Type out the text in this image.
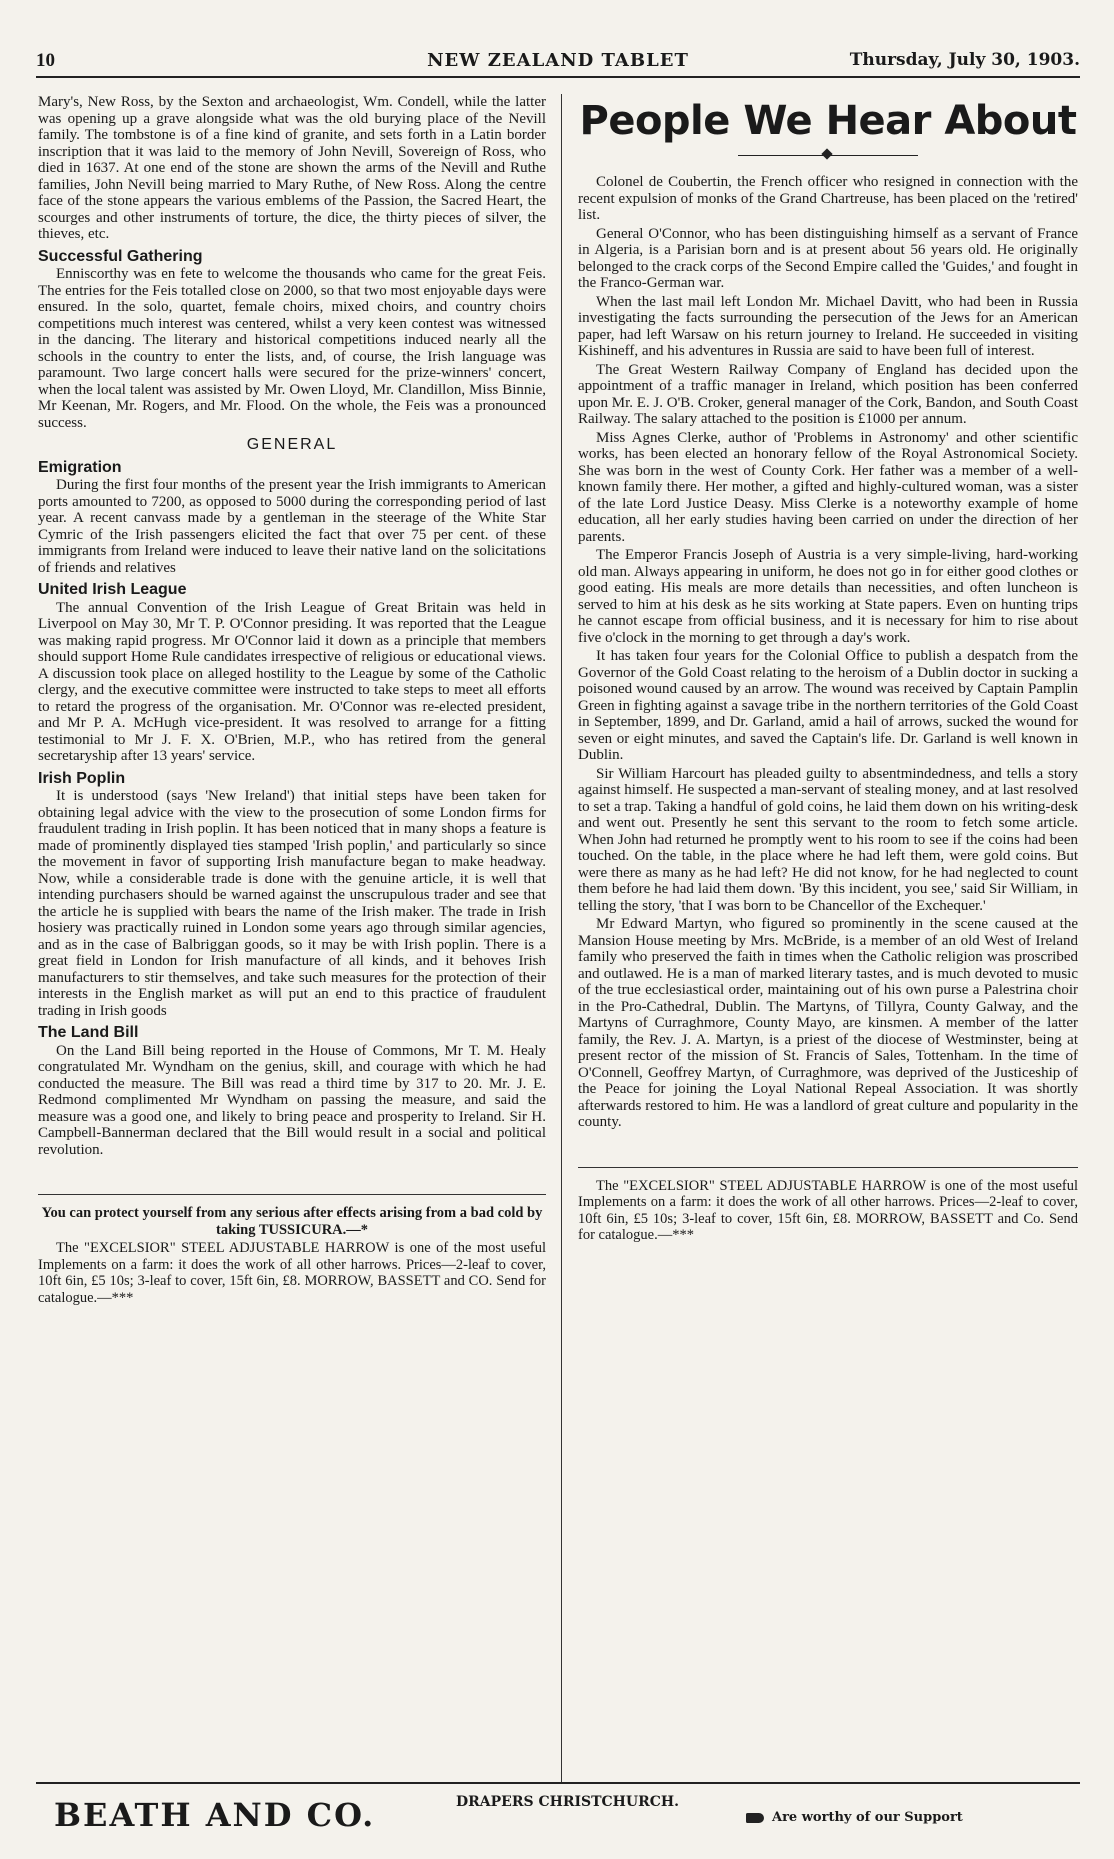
10	NEW ZEALAND TABLET	Thursday, July 30, 1903.

Mary's, New Ross, by the Sexton and archaeologist, Wm. Condell, while the latter was opening up a grave alongside what was the old burying place of the Nevill family. The tombstone is of a fine kind of granite, and sets forth in a Latin border inscription that it was laid to the memory of John Nevill, Sovereign of Ross, who died in 1637. At one end of the stone are shown the arms of the Nevill and Ruthe families, John Nevill being married to Mary Ruthe, of New Ross. Along the centre face of the stone appears the various emblems of the Passion, the Sacred Heart, the scourges and other instruments of torture, the dice, the thirty pieces of silver, the thieves, etc.

Successful Gathering

Enniscorthy was en fete to welcome the thousands who came for the great Feis. The entries for the Feis totalled close on 2000, so that two most enjoyable days were ensured. In the solo, quartet, female choirs, mixed choirs, and country choirs competitions much interest was centered, whilst a very keen contest was witnessed in the dancing. The literary and historical competitions induced nearly all the schools in the country to enter the lists, and, of course, the Irish language was paramount. Two large concert halls were secured for the prize-winners' concert, when the local talent was assisted by Mr. Owen Lloyd, Mr. Clandillon, Miss Binnie, Mr Keenan, Mr. Rogers, and Mr. Flood. On the whole, the Feis was a pronounced success.

GENERAL
Emigration

During the first four months of the present year the Irish immigrants to American ports amounted to 7200, as opposed to 5000 during the corresponding period of last year. A recent canvass made by a gentleman in the steerage of the White Star Cymric of the Irish passengers elicited the fact that over 75 per cent. of these immigrants from Ireland were induced to leave their native land on the solicitations of friends and relatives

United Irish League

The annual Convention of the Irish League of Great Britain was held in Liverpool on May 30, Mr T. P. O'Connor presiding. It was reported that the League was making rapid progress. Mr O'Connor laid it down as a principle that members should support Home Rule candidates irrespective of religious or educational views. A discussion took place on alleged hostility to the League by some of the Catholic clergy, and the executive committee were instructed to take steps to meet all efforts to retard the progress of the organisation. Mr. O'Connor was re-elected president, and Mr P. A. McHugh vice-president. It was resolved to arrange for a fitting testimonial to Mr J. F. X. O'Brien, M.P., who has retired from the general secretaryship after 13 years' service.

Irish Poplin

It is understood (says 'New Ireland') that initial steps have been taken for obtaining legal advice with the view to the prosecution of some London firms for fraudulent trading in Irish poplin. It has been noticed that in many shops a feature is made of prominently displayed ties stamped 'Irish poplin,' and particularly so since the movement in favor of supporting Irish manufacture began to make headway. Now, while a considerable trade is done with the genuine article, it is well that intending purchasers should be warned against the unscrupulous trader and see that the article he is supplied with bears the name of the Irish maker. The trade in Irish hosiery was practically ruined in London some years ago through similar agencies, and as in the case of Balbriggan goods, so it may be with Irish poplin. There is a great field in London for Irish manufacture of all kinds, and it behoves Irish manufacturers to stir themselves, and take such measures for the protection of their interests in the English market as will put an end to this practice of fraudulent trading in Irish goods

The Land Bill

On the Land Bill being reported in the House of Commons, Mr T. M. Healy congratulated Mr. Wyndham on the genius, skill, and courage with which he had conducted the measure. The Bill was read a third time by 317 to 20. Mr. J. E. Redmond complimented Mr Wyndham on passing the measure, and said the measure was a good one, and likely to bring peace and prosperity to Ireland. Sir H. Campbell-Bannerman declared that the Bill would result in a social and political revolution.

You can protect yourself from any serious after effects arising from a bad cold by taking TUSSICURA.—*

The "EXCELSIOR" STEEL ADJUSTABLE HARROW is one of the most useful Implements on a farm: it does the work of all other harrows. Prices—2-leaf to cover, 10ft 6in, £5 10s; 3-leaf to cover, 15ft 6in, £8. MORROW, BASSETT and CO. Send for catalogue.—***

People We Hear About

Colonel de Coubertin, the French officer who resigned in connection with the recent expulsion of monks of the Grand Chartreuse, has been placed on the 'retired' list.

General O'Connor, who has been distinguishing himself as a servant of France in Algeria, is a Parisian born and is at present about 56 years old. He originally belonged to the crack corps of the Second Empire called the 'Guides,' and fought in the Franco-German war.

When the last mail left London Mr. Michael Davitt, who had been in Russia investigating the facts surrounding the persecution of the Jews for an American paper, had left Warsaw on his return journey to Ireland. He succeeded in visiting Kishineff, and his adventures in Russia are said to have been full of interest.

The Great Western Railway Company of England has decided upon the appointment of a traffic manager in Ireland, which position has been conferred upon Mr. E. J. O'B. Croker, general manager of the Cork, Bandon, and South Coast Railway. The salary attached to the position is £1000 per annum.

Miss Agnes Clerke, author of 'Problems in Astronomy' and other scientific works, has been elected an honorary fellow of the Royal Astronomical Society. She was born in the west of County Cork. Her father was a member of a well-known family there. Her mother, a gifted and highly-cultured woman, was a sister of the late Lord Justice Deasy. Miss Clerke is a noteworthy example of home education, all her early studies having been carried on under the direction of her parents.

The Emperor Francis Joseph of Austria is a very simple-living, hard-working old man. Always appearing in uniform, he does not go in for either good clothes or good eating. His meals are more details than necessities, and often luncheon is served to him at his desk as he sits working at State papers. Even on hunting trips he cannot escape from official business, and it is necessary for him to rise about five o'clock in the morning to get through a day's work.

It has taken four years for the Colonial Office to publish a despatch from the Governor of the Gold Coast relating to the heroism of a Dublin doctor in sucking a poisoned wound caused by an arrow. The wound was received by Captain Pamplin Green in fighting against a savage tribe in the northern territories of the Gold Coast in September, 1899, and Dr. Garland, amid a hail of arrows, sucked the wound for seven or eight minutes, and saved the Captain's life. Dr. Garland is well known in Dublin.

Sir William Harcourt has pleaded guilty to absentmindedness, and tells a story against himself. He suspected a man-servant of stealing money, and at last resolved to set a trap. Taking a handful of gold coins, he laid them down on his writing-desk and went out. Presently he sent this servant to the room to fetch some article. When John had returned he promptly went to his room to see if the coins had been touched. On the table, in the place where he had left them, were gold coins. But were there as many as he had left? He did not know, for he had neglected to count them before he had laid them down. 'By this incident, you see,' said Sir William, in telling the story, 'that I was born to be Chancellor of the Exchequer.'

Mr Edward Martyn, who figured so prominently in the scene caused at the Mansion House meeting by Mrs. McBride, is a member of an old West of Ireland family who preserved the faith in times when the Catholic religion was proscribed and outlawed. He is a man of marked literary tastes, and is much devoted to music of the true ecclesiastical order, maintaining out of his own purse a Palestrina choir in the Pro-Cathedral, Dublin. The Martyns, of Tillyra, County Galway, and the Martyns of Curraghmore, County Mayo, are kinsmen. A member of the latter family, the Rev. J. A. Martyn, is a priest of the diocese of Westminster, being at present rector of the mission of St. Francis of Sales, Tottenham. In the time of O'Connell, Geoffrey Martyn, of Curraghmore, was deprived of the Justiceship of the Peace for joining the Loyal National Repeal Association. It was shortly afterwards restored to him. He was a landlord of great culture and popularity in the county.

The "EXCELSIOR" STEEL ADJUSTABLE HARROW is one of the most useful Implements on a farm: it does the work of all other harrows. Prices—2-leaf to cover, 10ft 6in, £5 10s; 3-leaf to cover, 15ft 6in, £8. MORROW, BASSETT and Co. Send for catalogue.—***

BEATH AND CO.	DRAPERS CHRISTCHURCH.
Are worthy of our Support
